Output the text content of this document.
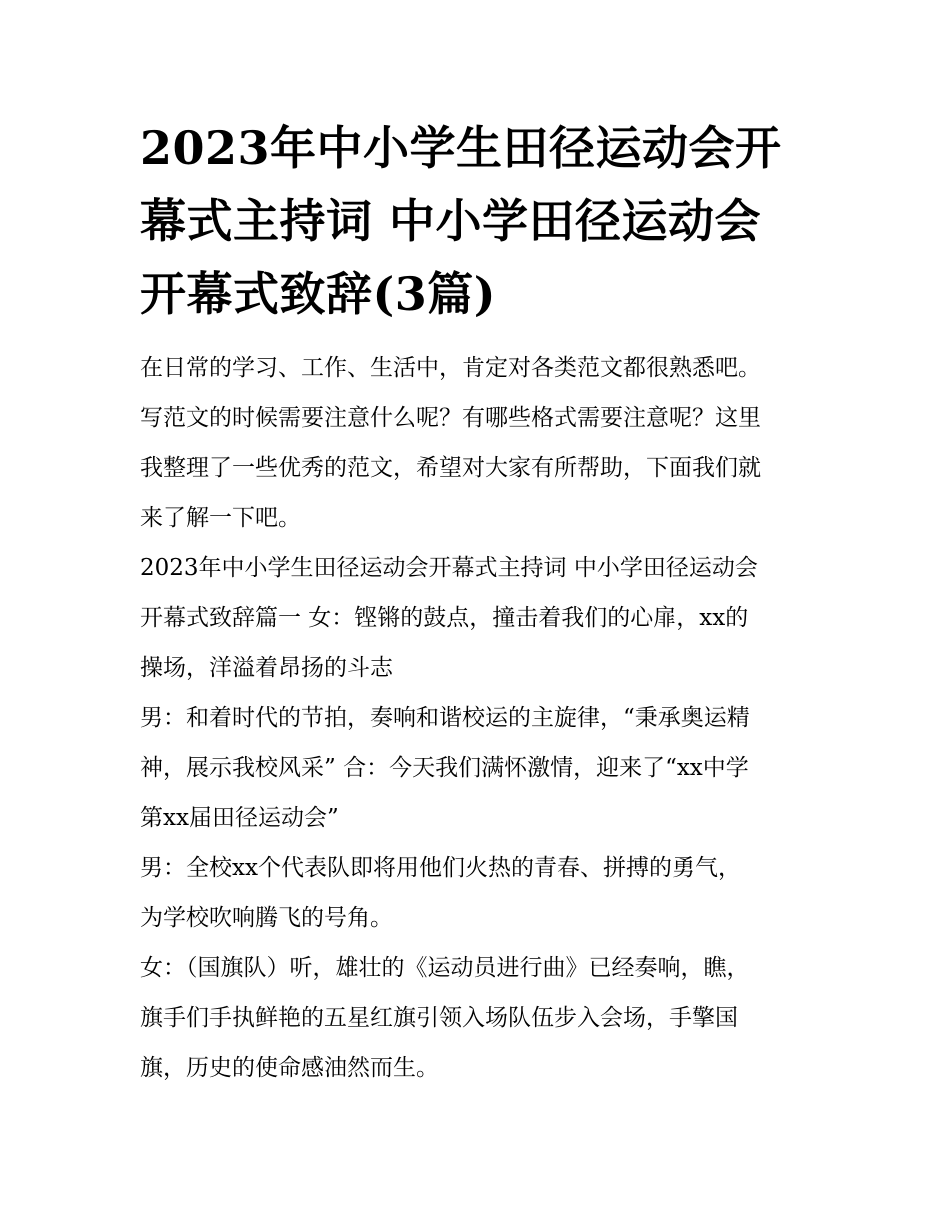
2023年中小学生田径运动会开
幕式主持词 中小学田径运动会
开幕式致辞(3篇)
在日常的学习、工作、生活中，肯定对各类范文都很熟悉吧。
写范文的时候需要注意什么呢？有哪些格式需要注意呢？这里
我整理了一些优秀的范文，希望对大家有所帮助，下面我们就
来了解一下吧。
2023年中小学生田径运动会开幕式主持词 中小学田径运动会
开幕式致辞篇一 女：铿锵的鼓点，撞击着我们的心扉，xx的
操场，洋溢着昂扬的斗志
男：和着时代的节拍，奏响和谐校运的主旋律，“秉承奥运精
神，展示我校风采” 合：今天我们满怀激情，迎来了“xx中学
第xx届田径运动会”
男：全校xx个代表队即将用他们火热的青春、拼搏的勇气，
为学校吹响腾飞的号角。
女：（国旗队）听，雄壮的《运动员进行曲》已经奏响，瞧，
旗手们手执鲜艳的五星红旗引领入场队伍步入会场，手擎国
旗，历史的使命感油然而生。
